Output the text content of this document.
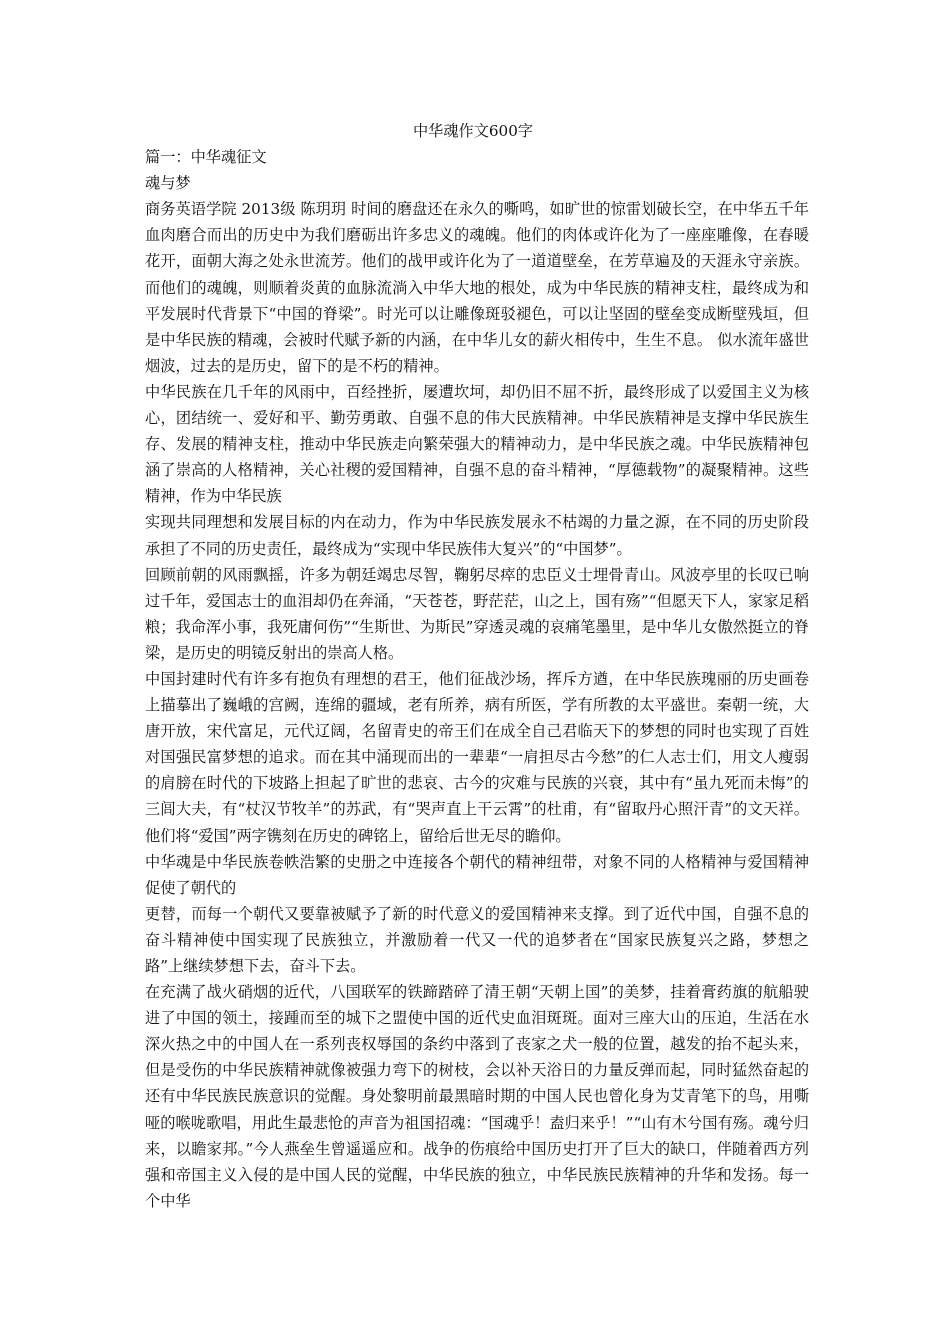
中华魂作文600字

篇一：中华魂征文

魂与梦

商务英语学院 2013级 陈玥玥 时间的磨盘还在永久的嘶鸣，如旷世的惊雷划破长空，在中华五千年血肉磨合而出的历史中为我们磨砺出许多忠义的魂魄。他们的肉体或许化为了一座座雕像，在春暖花开，面朝大海之处永世流芳。他们的战甲或许化为了一道道壁垒，在芳草遍及的天涯永守亲族。而他们的魂魄，则顺着炎黄的血脉流淌入中华大地的根处，成为中华民族的精神支柱，最终成为和平发展时代背景下“中国的脊梁”。时光可以让雕像斑驳褪色，可以让坚固的壁垒变成断壁残垣，但是中华民族的精魂，会被时代赋予新的内涵，在中华儿女的薪火相传中，生生不息。 似水流年盛世烟波，过去的是历史，留下的是不朽的精神。

中华民族在几千年的风雨中，百经挫折，屡遭坎坷，却仍旧不屈不折，最终形成了以爱国主义为核心，团结统一、爱好和平、勤劳勇敢、自强不息的伟大民族精神。中华民族精神是支撑中华民族生存、发展的精神支柱，推动中华民族走向繁荣强大的精神动力，是中华民族之魂。中华民族精神包涵了崇高的人格精神，关心社稷的爱国精神，自强不息的奋斗精神，“厚德载物”的凝聚精神。这些精神，作为中华民族

实现共同理想和发展目标的内在动力，作为中华民族发展永不枯竭的力量之源，在不同的历史阶段承担了不同的历史责任，最终成为“实现中华民族伟大复兴”的“中国梦”。

回顾前朝的风雨飘摇，许多为朝廷竭忠尽智，鞠躬尽瘁的忠臣义士埋骨青山。风波亭里的长叹已响过千年，爱国志士的血泪却仍在奔涌，“天苍苍，野茫茫，山之上，国有殇”“但愿天下人，家家足稻粮；我命浑小事，我死庸何伤”“生斯世、为斯民”穿透灵魂的哀痛笔墨里，是中华儿女傲然挺立的脊梁，是历史的明镜反射出的崇高人格。

中国封建时代有许多有抱负有理想的君王，他们征战沙场，挥斥方遒，在中华民族瑰丽的历史画卷上描摹出了巍峨的宫阙，连绵的疆域，老有所养，病有所医，学有所教的太平盛世。秦朝一统，大唐开放，宋代富足，元代辽阔，名留青史的帝王们在成全自己君临天下的梦想的同时也实现了百姓对国强民富梦想的追求。而在其中涌现而出的一辈辈“一肩担尽古今愁”的仁人志士们，用文人瘦弱的肩膀在时代的下坡路上担起了旷世的悲哀、古今的灾难与民族的兴衰，其中有“虽九死而未悔”的三闾大夫，有“杖汉节牧羊”的苏武，有“哭声直上干云霄”的杜甫，有“留取丹心照汗青”的文天祥。他们将“爱国”两字镌刻在历史的碑铭上，留给后世无尽的瞻仰。

中华魂是中华民族卷帙浩繁的史册之中连接各个朝代的精神纽带，对象不同的人格精神与爱国精神促使了朝代的

更替，而每一个朝代又要靠被赋予了新的时代意义的爱国精神来支撑。到了近代中国，自强不息的奋斗精神使中国实现了民族独立，并激励着一代又一代的追梦者在“国家民族复兴之路，梦想之路”上继续梦想下去，奋斗下去。

在充满了战火硝烟的近代，八国联军的铁蹄踏碎了清王朝“天朝上国”的美梦，挂着膏药旗的航船驶进了中国的领土，接踵而至的城下之盟使中国的近代史血泪斑斑。面对三座大山的压迫，生活在水深火热之中的中国人在一系列丧权辱国的条约中落到了丧家之犬一般的位置，越发的抬不起头来，但是受伤的中华民族精神就像被强力弯下的树枝，会以补天浴日的力量反弹而起，同时猛然奋起的还有中华民族民族意识的觉醒。身处黎明前最黑暗时期的中国人民也曾化身为艾青笔下的鸟，用嘶哑的喉咙歌唱，用此生最悲怆的声音为祖国招魂：“国魂乎！盍归来乎！”“山有木兮国有殇。魂兮归来，以瞻家邦。”今人燕垒生曾遥遥应和。战争的伤痕给中国历史打开了巨大的缺口，伴随着西方列强和帝国主义入侵的是中国人民的觉醒，中华民族的独立，中华民族民族精神的升华和发扬。每一个中华
